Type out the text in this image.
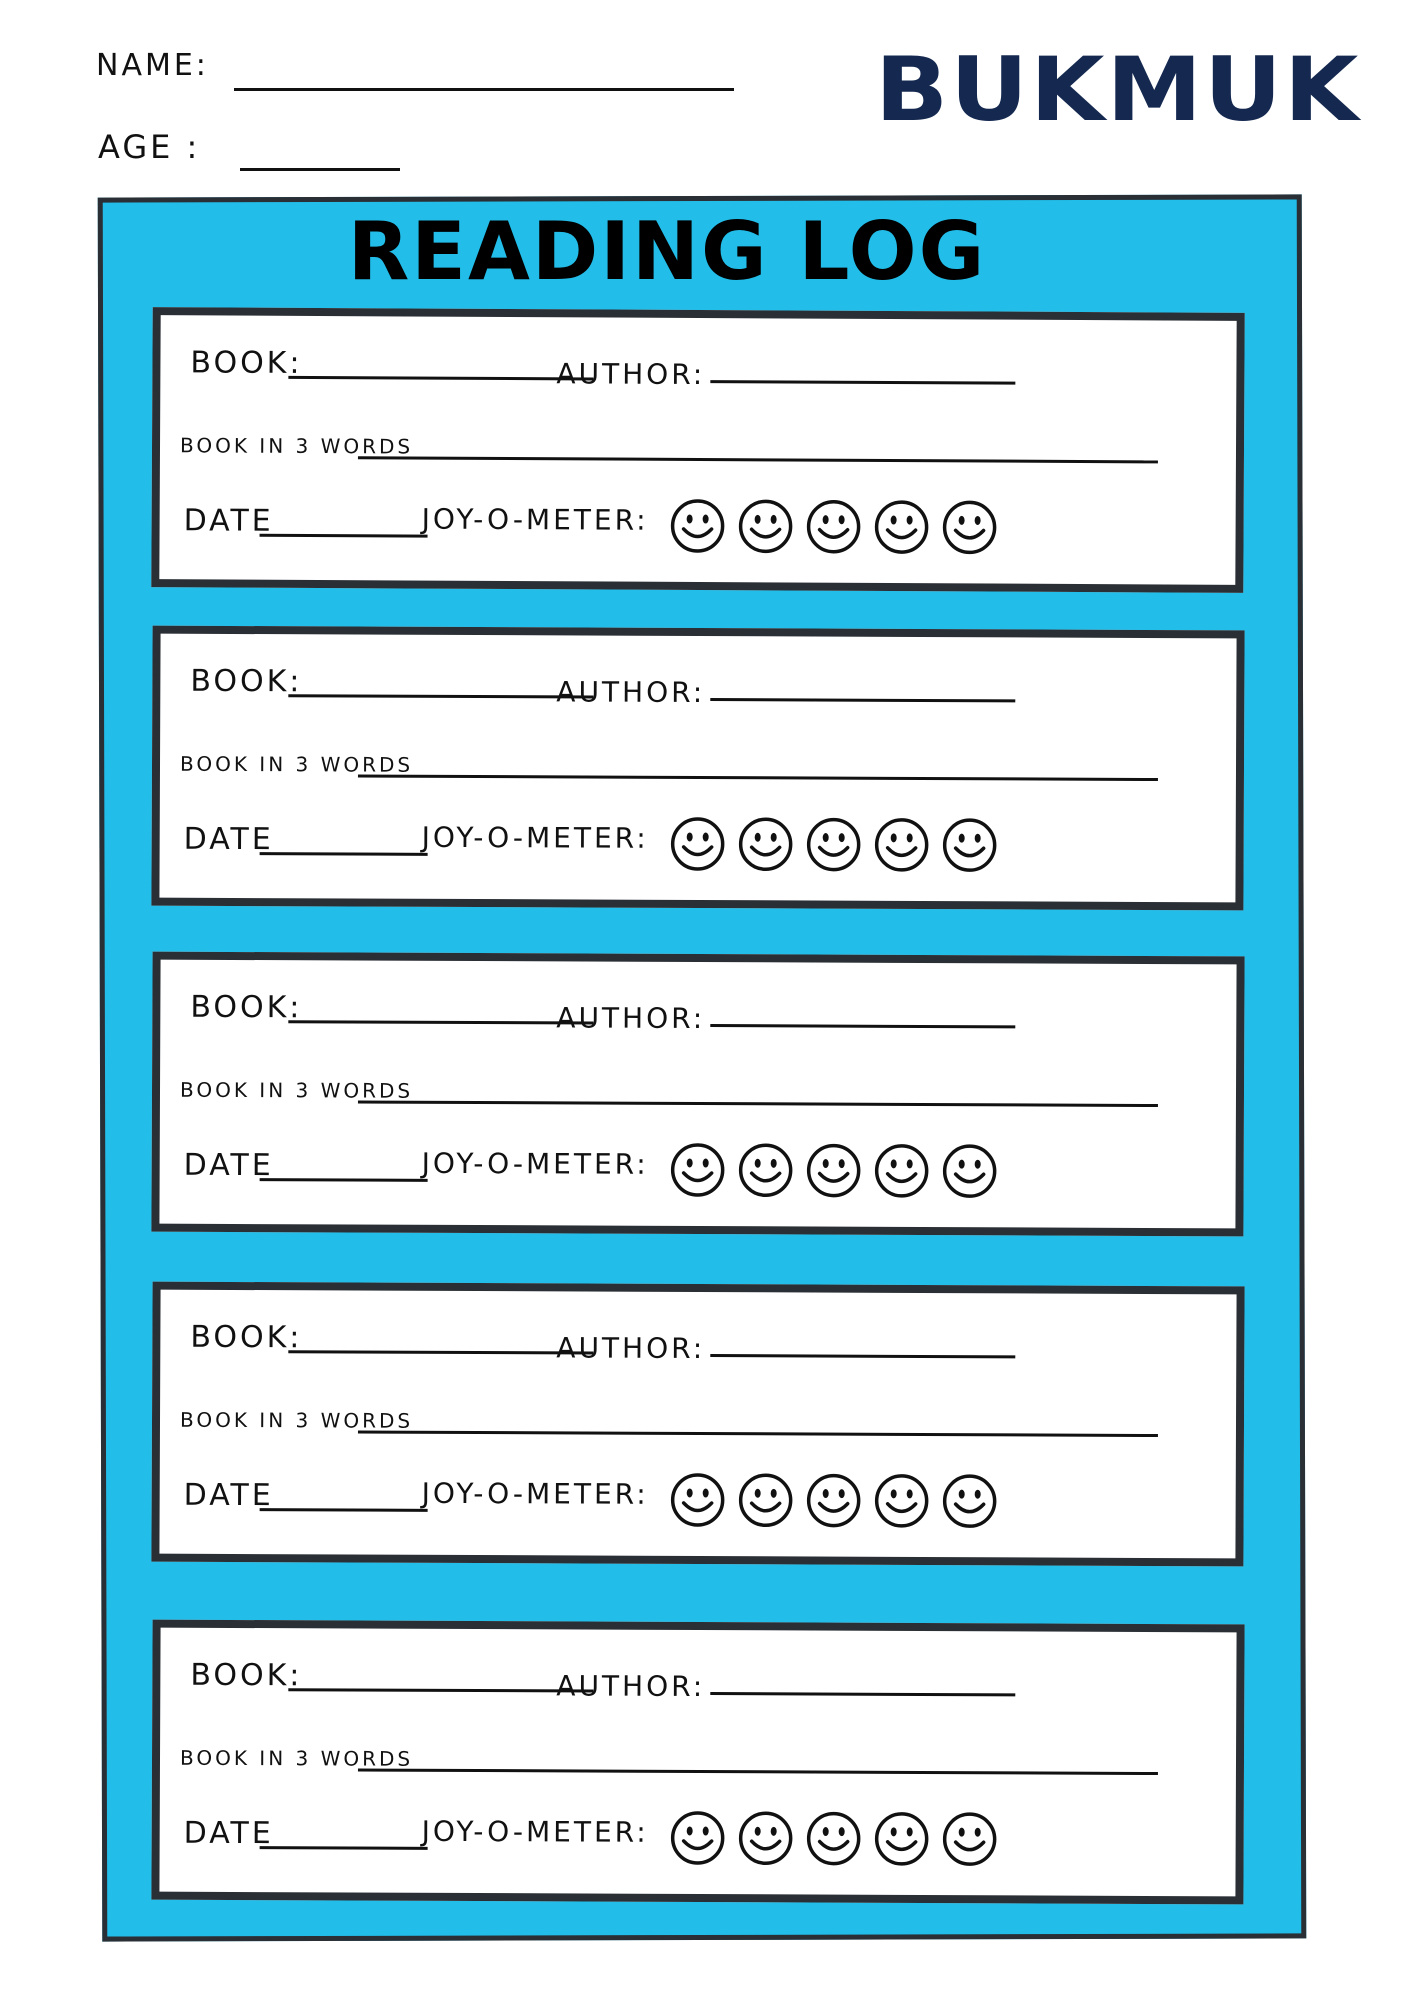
NAME:
AGE :
BUKMUK
READING LOG
BOOK:	AUTHOR:
BOOK IN 3 WORDS
DATE	JOY-O-METER:
BOOK:	AUTHOR:
BOOK IN 3 WORDS
DATE	JOY-O-METER:
BOOK:	AUTHOR:
BOOK IN 3 WORDS
DATE	JOY-O-METER:
BOOK:	AUTHOR:
BOOK IN 3 WORDS
DATE	JOY-O-METER:
BOOK:	AUTHOR:
BOOK IN 3 WORDS
DATE	JOY-O-METER:
